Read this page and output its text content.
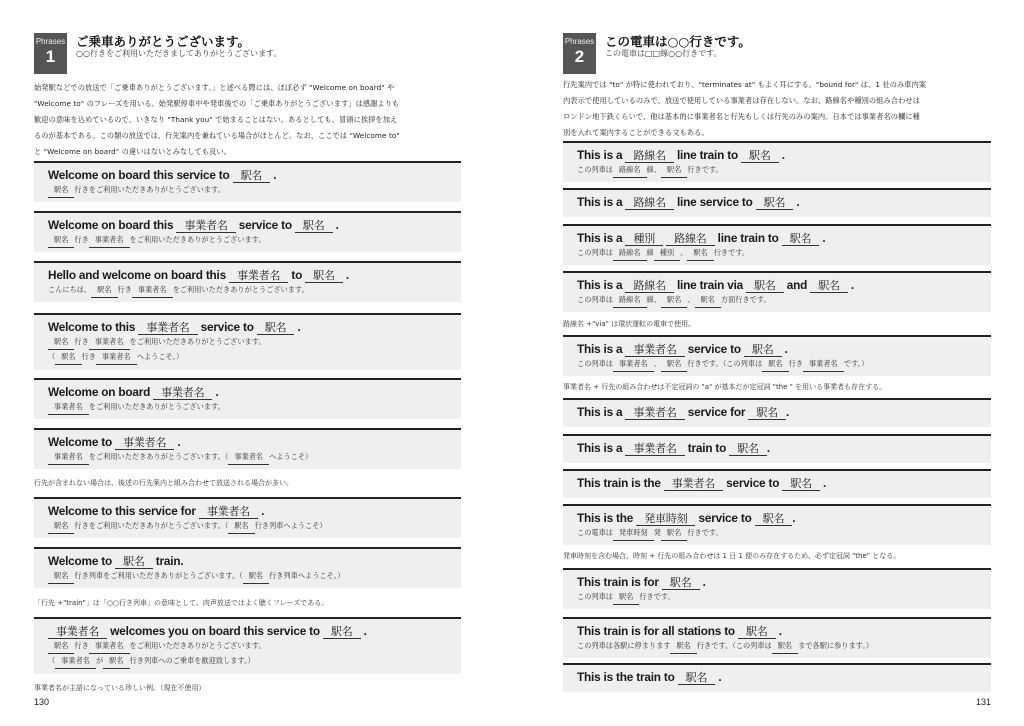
Phrases
1
ご乗車ありがとうございます。
○○行きをご利用いただきましてありがとうございます。
始発駅などでの放送で「ご乗車ありがとうございます。」と述べる際には、ほぼ必ず "Welcome on board" や
"Welcome to" のフレーズを用いる。始発駅停車中や発車後での「ご乗車ありがとうございます」は感謝よりも
歓迎の意味を込めているので、いきなり "Thank you" で始まることはない。あるとしても、冒頭に挨拶を加え
るのが基本である。この類の放送では、行先案内を兼ねている場合がほとんど。なお、ここでは "Welcome to"
と "Welcome on board" の違いはないとみなしても良い。
Welcome on board this service to 駅名 .
駅名 行きをご利用いただきありがとうございます。
Welcome on board this 事業者名 service to 駅名 .
駅名 行き 事業者名 をご利用いただきありがとうございます。
Hello and welcome on board this 事業者名 to 駅名 .
こんにちは、 駅名 行き 事業者名 をご利用いただきありがとうございます。
Welcome to this 事業者名 service to 駅名 .
駅名 行き 事業者名 をご利用いただきありがとうございます。
（ 駅名 行き 事業者名 へようこそ。）
Welcome on board 事業者名 .
事業者名 をご利用いただきありがとうございます。
Welcome to 事業者名 .
事業者名 をご利用いただきありがとうございます。（ 事業者名 へようこそ）
行先が含まれない場合は、後述の行先案内と組み合わせて放送される場合が多い。
Welcome to this service for 事業者名 .
駅名 行きをご利用いただきありがとうございます。（ 駅名 行き列車へようこそ）
Welcome to 駅名 train.
駅名 行き列車をご利用いただきありがとうございます。（ 駅名 行き列車へようこそ。）
「行先 +"train"」は「○○行き列車」の意味として、肉声放送ではよく聴くフレーズである。
事業者名 welcomes you on board this service to 駅名 .
駅名 行き 事業者名 をご利用いただきありがとうございます。
（ 事業者名 が 駅名 行き列車へのご乗車を歓迎致します。）
事業者名が主語になっている珍しい例。（現在不使用）
130
Phrases
2
この電車は○○行きです。
この電車は□□線○○行きです。
行先案内では "to" が特に使われており、"terminates at" もよく耳にする。"bound for" は、1 社のみ車内案
内表示で使用しているのみで、放送で使用している事業者は存在しない。なお、路線名や種別の組み合わせは
ロンドン地下鉄くらいで、他は基本的に事業者名と行先もしくは行先のみの案内。日本では事業者名の欄に種
別を入れて案内することができる文もある。
This is a 路線名 line train to 駅名 .
この列車は 路線名 線、 駅名 行きです。
This is a 路線名 line service to 駅名 .
This is a 種別 路線名 line train to 駅名 .
この列車は 路線名 線 種別 、 駅名 行きです。
This is a 路線名 line train via 駅名 and 駅名 .
この列車は 路線名 線、 駅名 、 駅名 方面行きです。
路線名 +"via" は環状運転の電車で使用。
This is a 事業者名 service to 駅名 .
この列車は 事業者名 、 駅名 行きです。（この列車は 駅名 行き 事業者名 です。）
事業者名 + 行先の組み合わせは不定冠詞の "a" が基本だが定冠詞 "the " を用いる事業者も存在する。
This is a 事業者名 service for 駅名 .
This is a 事業者名 train to 駅名 .
This train is the 事業者名 service to 駅名 .
This is the 発車時刻 service to 駅名 .
この電車は 発車時刻 発 駅名 行きです。
発車時刻を含む場合、時刻 + 行先の組み合わせは 1 日 1 便のみ存在するため、必ず定冠詞 "the" となる。
This train is for 駅名 .
この列車は 駅名 行きです。
This train is for all stations to 駅名 .
この列車は各駅に停まります 駅名 行きです。（この列車は 駅名 まで各駅に参ります。）
This is the train to 駅名 .
131
